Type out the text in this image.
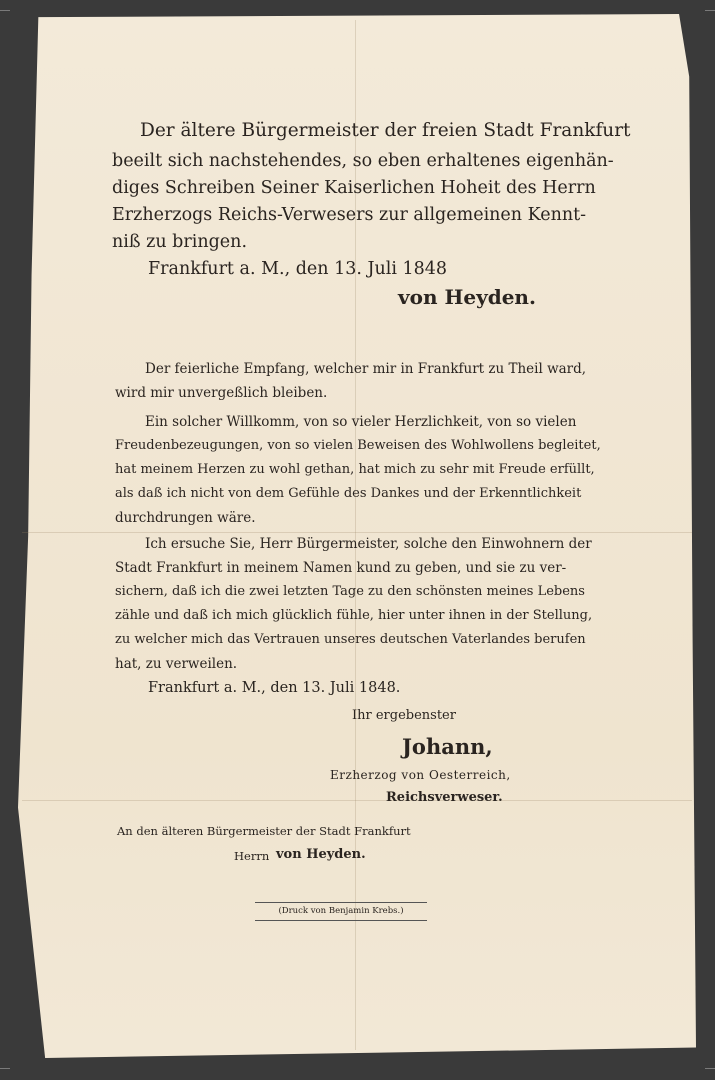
Der ältere Bürgermeister der freien Stadt Frankfurt
beeilt sich nachstehendes, so eben erhaltenes eigenhän-
diges Schreiben Seiner Kaiserlichen Hoheit des Herrn
Erzherzogs Reichs-Verwesers zur allgemeinen Kennt-
niß zu bringen.
Frankfurt a. M., den 13. Juli 1848
von Heyden.
Der feierliche Empfang, welcher mir in Frankfurt zu Theil ward,
wird mir unvergeßlich bleiben.
Ein solcher Willkomm, von so vieler Herzlichkeit, von so vielen
Freudenbezeugungen, von so vielen Beweisen des Wohlwollens begleitet,
hat meinem Herzen zu wohl gethan, hat mich zu sehr mit Freude erfüllt,
als daß ich nicht von dem Gefühle des Dankes und der Erkenntlichkeit
durchdrungen wäre.
Ich ersuche Sie, Herr Bürgermeister, solche den Einwohnern der
Stadt Frankfurt in meinem Namen kund zu geben, und sie zu ver-
sichern, daß ich die zwei letzten Tage zu den schönsten meines Lebens
zähle und daß ich mich glücklich fühle, hier unter ihnen in der Stellung,
zu welcher mich das Vertrauen unseres deutschen Vaterlandes berufen
hat, zu verweilen.
Frankfurt a. M., den 13. Juli 1848.
Ihr ergebenster
Johann,
Erzherzog von Oesterreich,
Reichsverweser.
An den älteren Bürgermeister der Stadt Frankfurt
Herrn von Heyden.
(Druck von Benjamin Krebs.)
